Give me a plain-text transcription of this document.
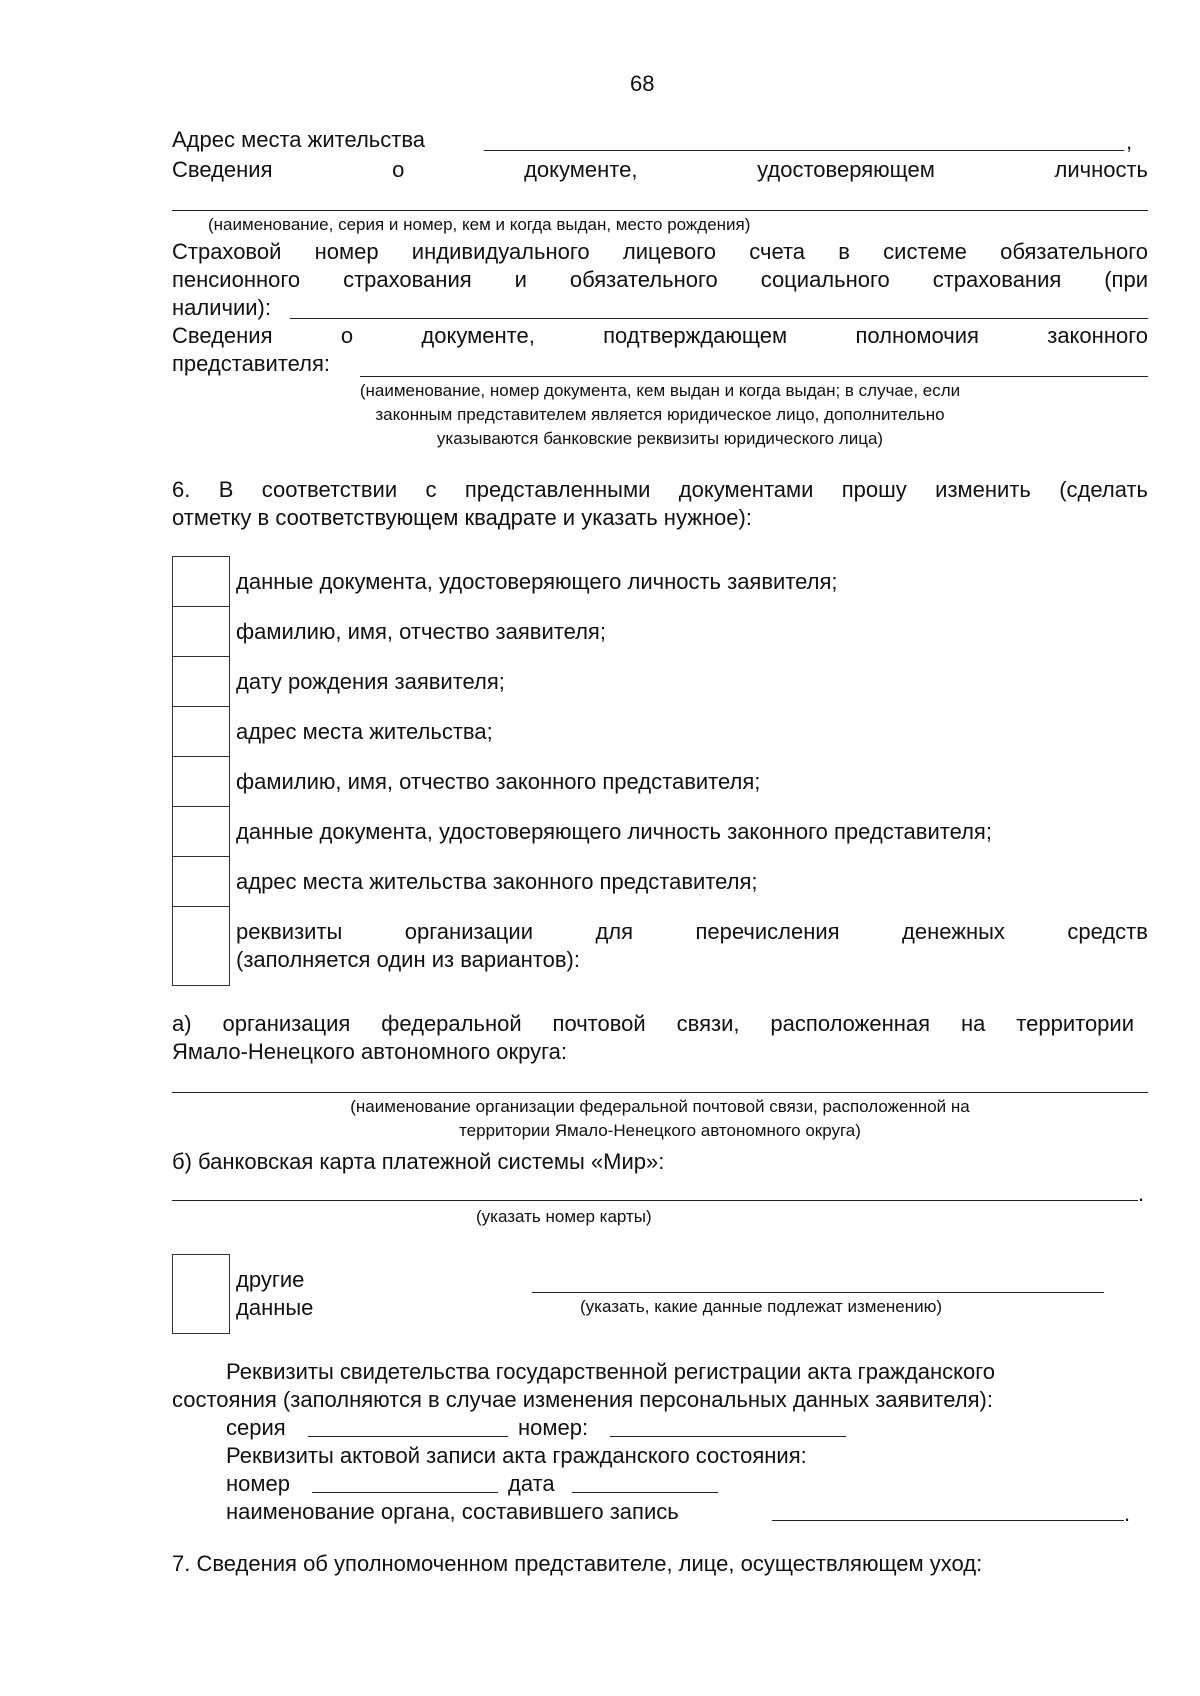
68
Адрес места жительства	,
Сведения	о	документе,	удостоверяющем	личность
(наименование, серия и номер, кем и когда выдан, место рождения)
Страховой номер индивидуального лицевого счета в системе обязательного
пенсионного страхования и обязательного социального страхования (при
наличии):
Сведения	о	документе,	подтверждающем	полномочия	законного
представителя:
(наименование, номер документа, кем выдан и когда выдан; в случае, если
законным представителем является юридическое лицо, дополнительно
указываются банковские реквизиты юридического лица)
6. В соответствии с представленными документами прошу изменить (сделать
отметку в соответствующем квадрате и указать нужное):
данные документа, удостоверяющего личность заявителя;
фамилию, имя, отчество заявителя;
дату рождения заявителя;
адрес места жительства;
фамилию, имя, отчество законного представителя;
данные документа, удостоверяющего личность законного представителя;
адрес места жительства законного представителя;
реквизиты	организации	для	перечисления	денежных	средств
(заполняется один из вариантов):
а) организация федеральной почтовой связи, расположенная на территории
Ямало-Ненецкого автономного округа:
(наименование организации федеральной почтовой связи, расположенной на
территории Ямало-Ненецкого автономного округа)
б) банковская карта платежной системы «Мир»:
.
(указать номер карты)
другие
данные	(указать, какие данные подлежат изменению)
Реквизиты свидетельства государственной регистрации акта гражданского
состояния (заполняются в случае изменения персональных данных заявителя):
серия	номер:
Реквизиты актовой записи акта гражданского состояния:
номер	дата
наименование органа, составившего запись	.
7. Сведения об уполномоченном представителе, лице, осуществляющем уход:
